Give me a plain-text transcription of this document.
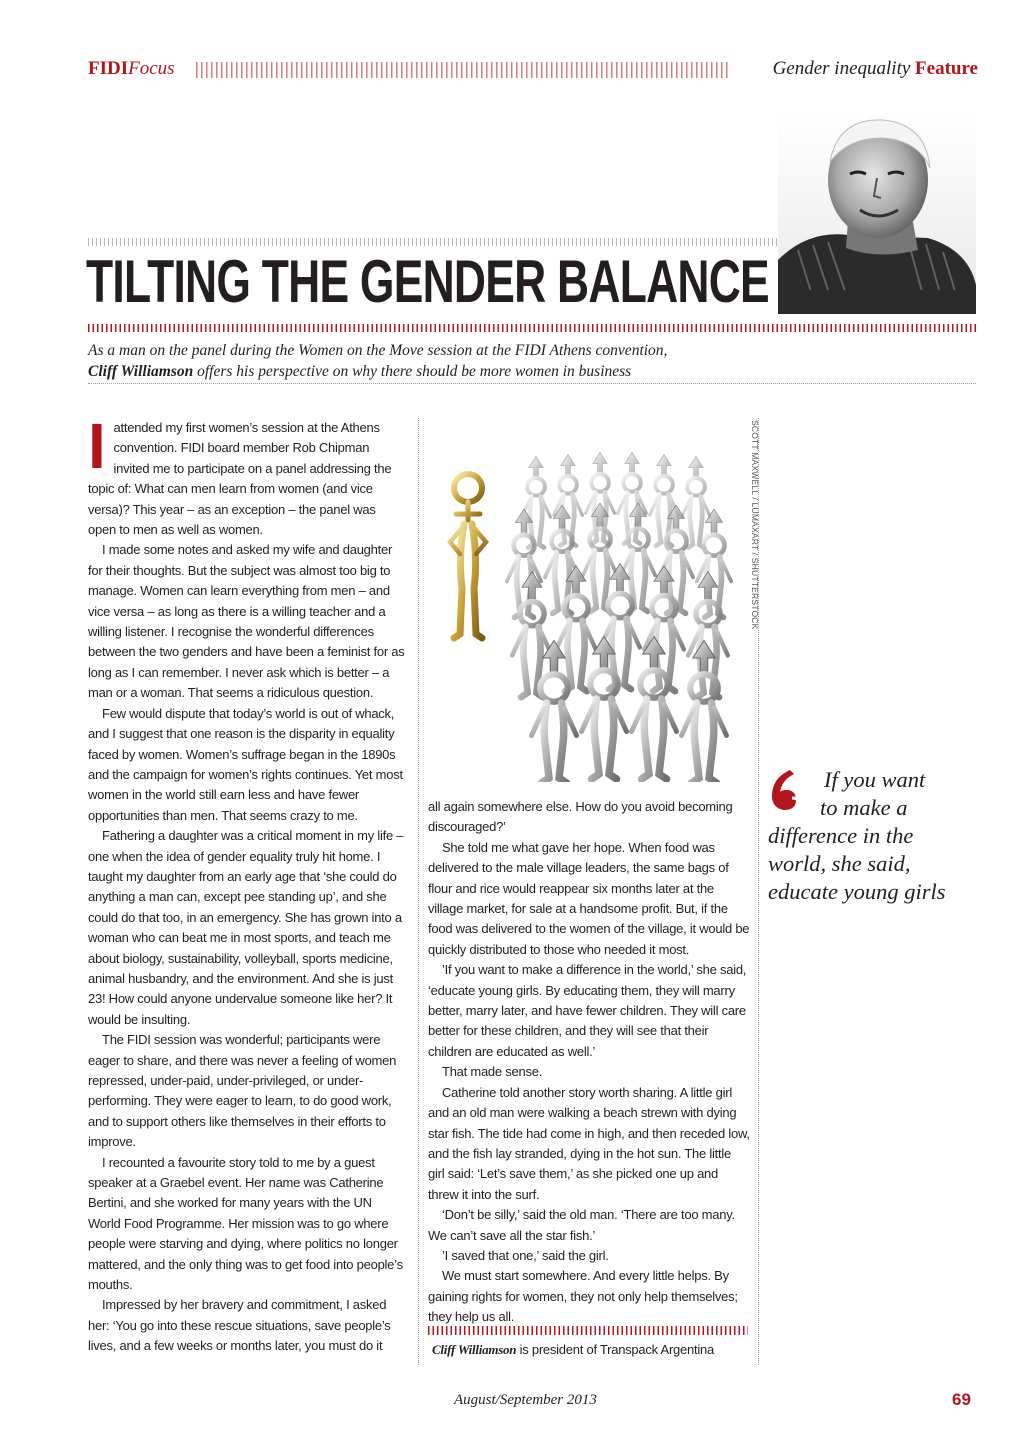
FIDIFocus	Gender inequality Feature
TILTING THE GENDER BALANCE
As a man on the panel during the Women on the Move session at the FIDI Athens convention,
Cliff Williamson offers his perspective on why there should be more women in business

Iattended my first women’s session at the Athens convention. FIDI board member Rob Chipman invited me to participate on a panel addressing the topic of: What can men learn from women (and vice versa)? This year – as an exception – the panel was open to men as well as women.

I made some notes and asked my wife and daughter for their thoughts. But the subject was almost too big to manage. Women can learn everything from men – and vice versa – as long as there is a willing teacher and a willing listener. I recognise the wonderful differences between the two genders and have been a feminist for as long as I can remember. I never ask which is better – a man or a woman. That seems a ridiculous question.

Few would dispute that today’s world is out of whack, and I suggest that one reason is the disparity in equality faced by women. Women’s suffrage began in the 1890s and the campaign for women’s rights continues. Yet most women in the world still earn less and have fewer opportunities than men. That seems crazy to me.

Fathering a daughter was a critical moment in my life – one when the idea of gender equality truly hit home. I taught my daughter from an early age that ‘she could do anything a man can, except pee standing up’, and she could do that too, in an emergency. She has grown into a woman who can beat me in most sports, and teach me about biology, sustainability, volleyball, sports medicine, animal husbandry, and the environment. And she is just 23! How could anyone undervalue someone like her? It would be insulting.

The FIDI session was wonderful; participants were eager to share, and there was never a feeling of women repressed, under-paid, under-privileged, or under-performing. They were eager to learn, to do good work, and to support others like themselves in their efforts to improve.

I recounted a favourite story told to me by a guest speaker at a Graebel event. Her name was Catherine Bertini, and she worked for many years with the UN World Food Programme. Her mission was to go where people were starving and dying, where politics no longer mattered, and the only thing was to get food into people’s mouths.

Impressed by her bravery and commitment, I asked her: ‘You go into these rescue situations, save people’s lives, and a few weeks or months later, you must do it

SCOTT MAXWELL / LUMAXART / SHUTTERSTOCK

all again somewhere else. How do you avoid becoming discouraged?’

She told me what gave her hope. When food was delivered to the male village leaders, the same bags of flour and rice would reappear six months later at the village market, for sale at a handsome profit. But, if the food was delivered to the women of the village, it would be quickly distributed to those who needed it most.

’If you want to make a difference in the world,’ she said, ‘educate young girls. By educating them, they will marry better, marry later, and have fewer children. They will care better for these children, and they will see that their children are educated as well.’

That made sense.

Catherine told another story worth sharing. A little girl and an old man were walking a beach strewn with dying star fish. The tide had come in high, and then receded low, and the fish lay stranded, dying in the hot sun. The little girl said: ‘Let’s save them,’ as she picked one up and threw it into the surf.

‘Don’t be silly,’ said the old man. ‘There are too many. We can’t save all the star fish.’

’I saved that one,’ said the girl.

We must start somewhere. And every little helps. By gaining rights for women, they not only help themselves; they help us all.

If you want
to make a
difference in the
world, she said,
educate young girls
Cliff Williamson is president of Transpack Argentina
August/September 2013	69
